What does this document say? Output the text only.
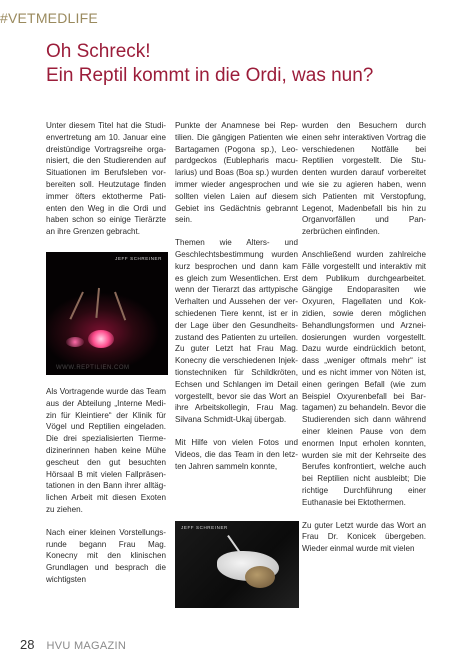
#VETMEDLIFE
Oh Schreck!
Ein Reptil kommt in die Ordi, was nun?

Unter diesem Titel hat die Studienvertretung am 10. Januar eine dreistündige Vortragsreihe organisiert, die den Studierenden auf Situationen im Berufsleben vorbereiten soll. Heutzutage finden immer öfters ektotherme Patienten den Weg in die Ordi und haben schon so einige Tierärzte an ihre Grenzen gebracht.

JEFF SCHREINER
WWW.REPTILIEN.COM

Als Vortragende wurde das Team aus der Abteilung „Interne Medizin für Kleintiere“ der Klinik für Vögel und Reptilien eingeladen. Die drei spezialisierten Tiermedizinerinnen haben keine Mühe gescheut den gut besuchten Hörsaal B mit vielen Fallpräsentationen in den Bann ihrer alltäglichen Arbeit mit diesen Exoten zu ziehen.

Nach einer kleinen Vorstellungsrunde begann Frau Mag. Konecny mit den klinischen Grundlagen und besprach die wichtigsten

Punkte der Anamnese bei Reptilien. Die gängigen Patienten wie Bartagamen (Pogona sp.), Leopardgeckos (Eublepharis macularius) und Boas (Boa sp.) wurden immer wieder angesprochen und sollten vielen Laien auf diesem Gebiet ins Gedächtnis gebrannt sein.

Themen wie Alters- und Geschlechtsbestimmung wurden kurz besprochen und dann kam es gleich zum Wesentlichen. Erst wenn der Tierarzt das arttypische Verhalten und Aussehen der verschiedenen Tiere kennt, ist er in der Lage über den Gesundheitszustand des Patienten zu urteilen. Zu guter Letzt hat Frau Mag. Konecny die verschiedenen Injektionstechniken für Schildkröten, Echsen und Schlangen im Detail vorgestellt, bevor sie das Wort an ihre Arbeitskollegin, Frau Mag. Silvana Schmidt-Ukaj übergab.

Mit Hilfe von vielen Fotos und Videos, die das Team in den letzten Jahren sammeln konnte,

JEFF SCHREINER

wurden den Besuchern durch einen sehr interaktiven Vortrag die verschiedenen Notfälle bei Reptilien vorgestellt. Die Studenten wurden darauf vorbereitet wie sie zu agieren haben, wenn sich Patienten mit Verstopfung, Legenot, Madenbefall bis hin zu Organvorfällen und Panzerbrüchen einfinden.

Anschließend wurden zahlreiche Fälle vorgestellt und interaktiv mit dem Publikum durchgearbeitet. Gängige Endoparasiten wie Oxyuren, Flagellaten und Kokzidien, sowie deren möglichen Behandlungsformen und Arzneidosierungen wurden vorgestellt. Dazu wurde eindrücklich betont, dass „weniger oftmals mehr“ ist und es nicht immer von Nöten ist, einen geringen Befall (wie zum Beispiel Oxyurenbefall bei Bartagamen) zu behandeln. Bevor die Studierenden sich dann während einer kleinen Pause von dem enormen Input erholen konnten, wurden sie mit der Kehrseite des Berufes konfrontiert, welche auch bei Reptilien nicht ausbleibt; Die richtige Durchführung einer Euthanasie bei Ektothermen.

Zu guter Letzt wurde das Wort an Frau Dr. Konicek übergeben. Wieder einmal wurde mit vielen

28 HVU MAGAZIN
